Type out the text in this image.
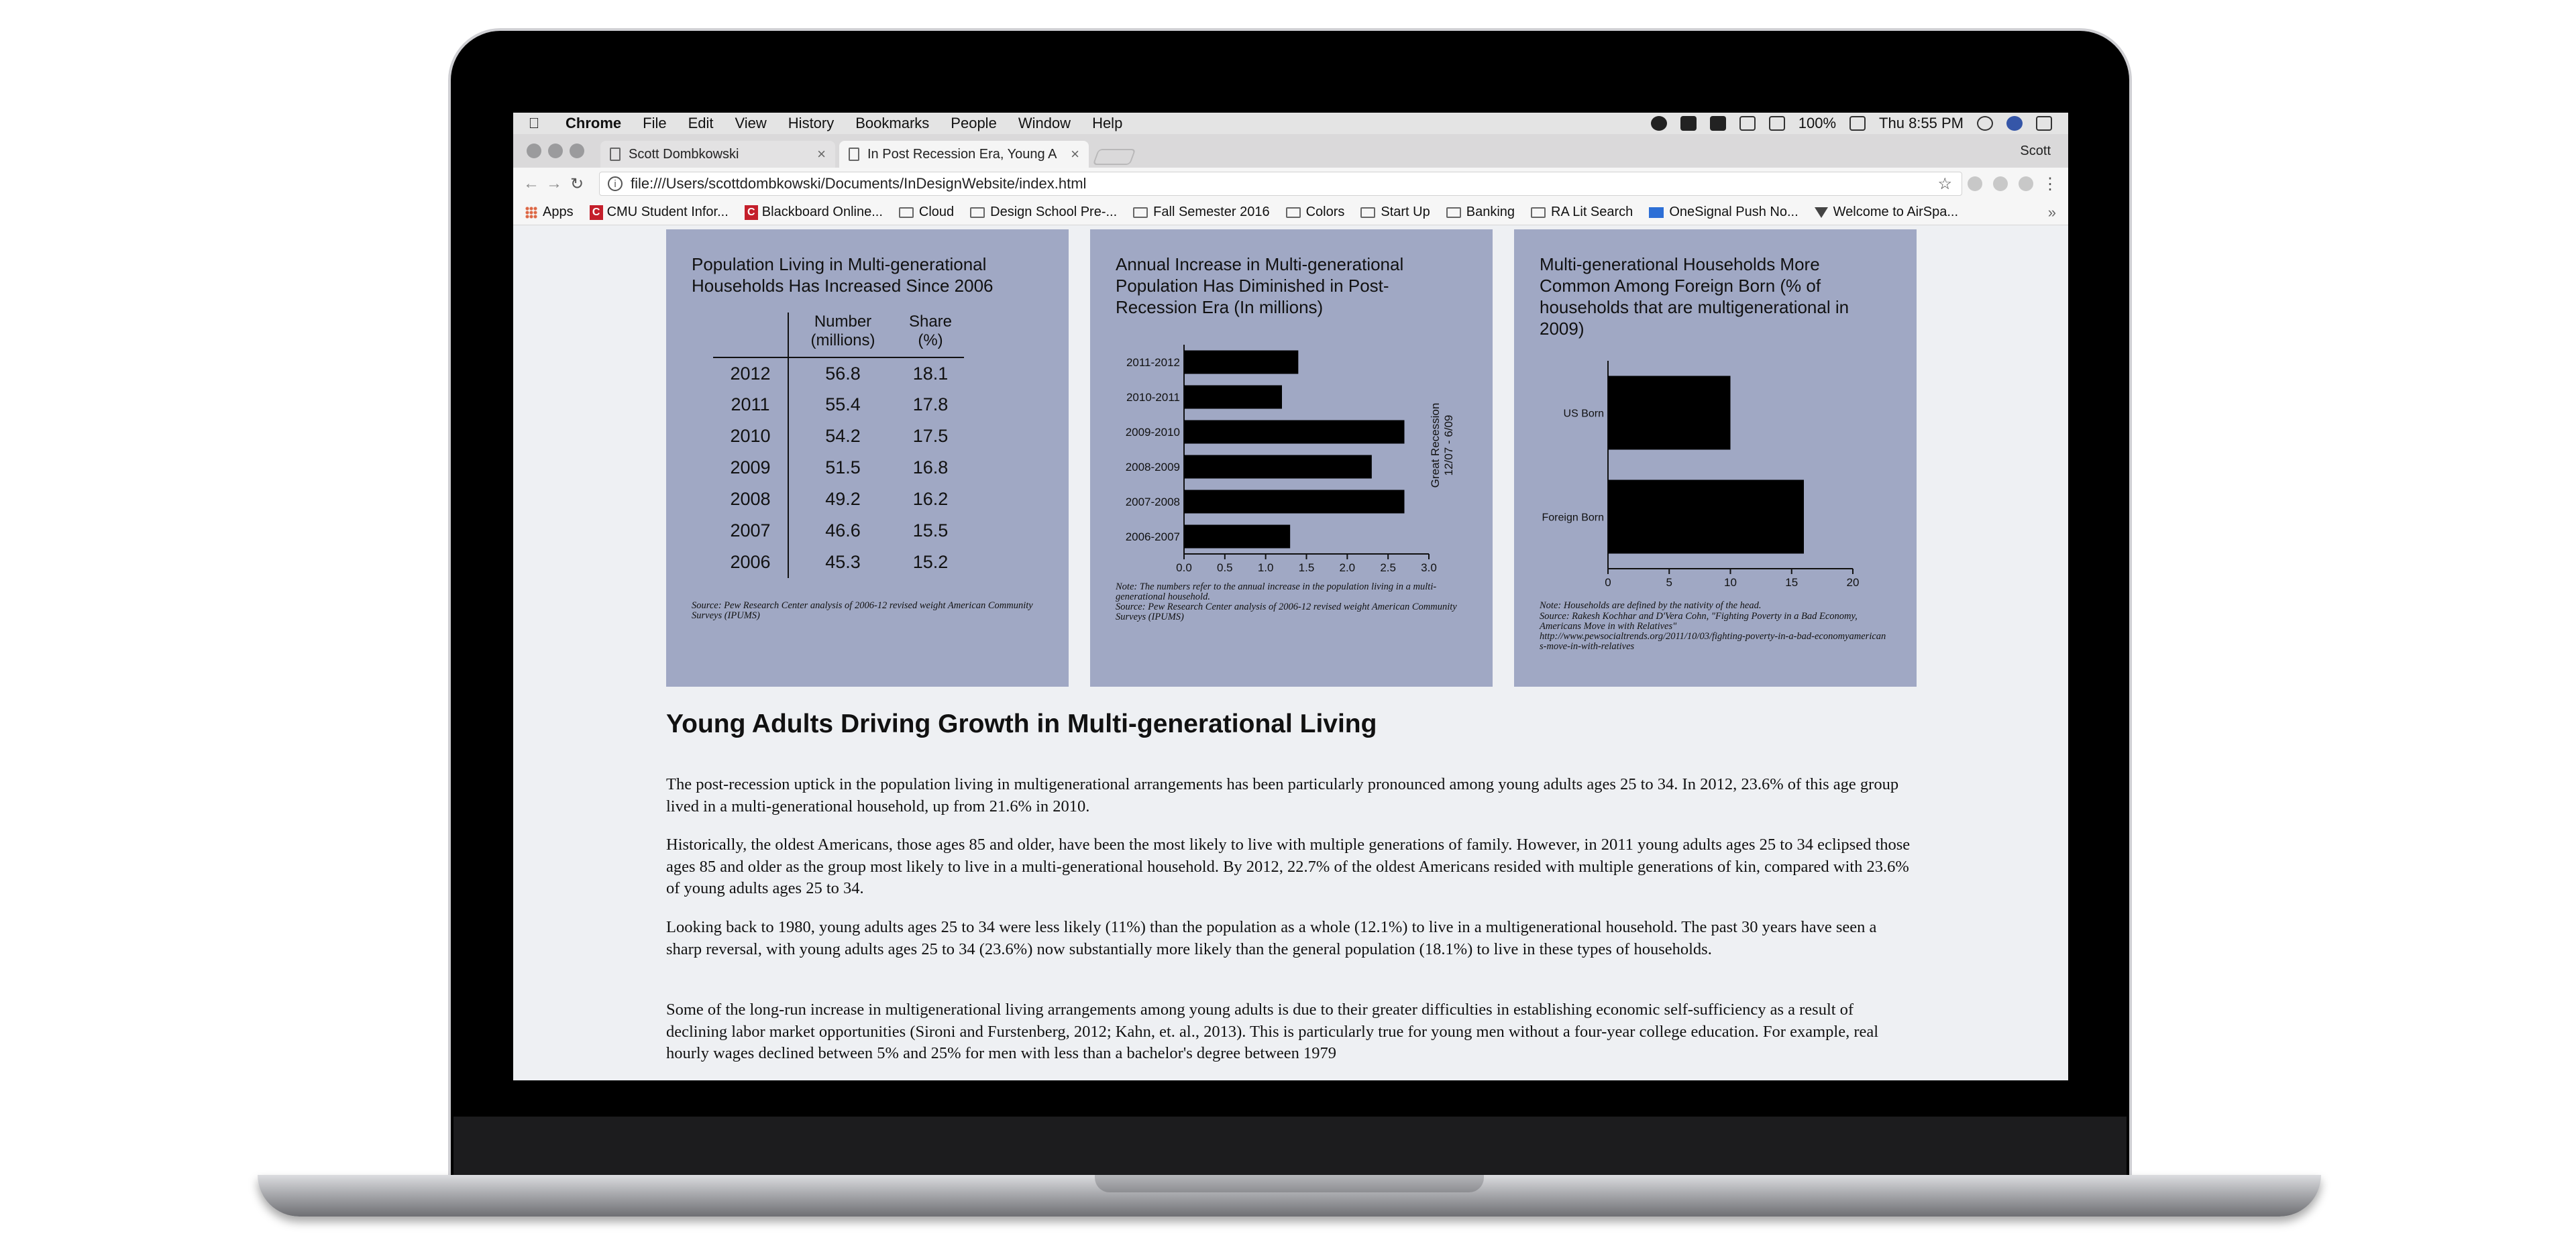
Chrome	File	Edit	View	History	Bookmarks	People	Window	Help	100%	Thu 8:55 PM
Scott Dombkowski	×	In Post Recession Era, Young A ×	Scott
← → ↻	i file:///Users/scottdombkowski/Documents/InDesignWebsite/index.html	☆	⋮
Apps C CMU Student Infor... C Blackboard Online...	Cloud	Design School Pre-...	Fall Semester 2016	Colors	Start Up	Banking	RA Lit Search	OneSignal Push No...	Welcome to AirSpa...	»
Population Living in Multi-generational Households Has Increased Since 2006
	Number (millions)	Share (%)
2012	56.8	18.1
2011	55.4	17.8
2010	54.2	17.5
2009	51.5	16.8
2008	49.2	16.2
2007	46.6	15.5
2006	45.3	15.2
Source: Pew Research Center analysis of 2006-12 revised weight American Community Surveys (IPUMS)
Annual Increase in Multi-generational Population Has Diminished in Post-Recession Era (In millions)
2011-2012
2010-2011
2009-2010
2008-2009
2007-2008
2006-2007
0.0 0.5 1.0 1.5 2.0 2.5 3.0
Great Recession 12/07 - 6/09
Note: The numbers refer to the annual increase in the population living in a multi-generational household.
Source: Pew Research Center analysis of 2006-12 revised weight American Community Surveys (IPUMS)
Multi-generational Households More Common Among Foreign Born (% of households that are multigenerational in 2009)
US Born
Foreign Born
0	5	10	15	20
Note: Households are defined by the nativity of the head.
Source: Rakesh Kochhar and D'Vera Cohn, "Fighting Poverty in a Bad Economy, Americans Move in with Relatives"
http://www.pewsocialtrends.org/2011/10/03/fighting-poverty-in-a-bad-economyamericans-move-in-with-relatives
Young Adults Driving Growth in Multi-generational Living

The post-recession uptick in the population living in multigenerational arrangements has been particularly pronounced among young adults ages 25 to 34. In 2012, 23.6% of this age group lived in a multi-generational household, up from 21.6% in 2010.

Historically, the oldest Americans, those ages 85 and older, have been the most likely to live with multiple generations of family. However, in 2011 young adults ages 25 to 34 eclipsed those ages 85 and older as the group most likely to live in a multi-generational household. By 2012, 22.7% of the oldest Americans resided with multiple generations of kin, compared with 23.6% of young adults ages 25 to 34.

Looking back to 1980, young adults ages 25 to 34 were less likely (11%) than the population as a whole (12.1%) to live in a multigenerational household. The past 30 years have seen a sharp reversal, with young adults ages 25 to 34 (23.6%) now substantially more likely than the general population (18.1%) to live in these types of households.

Some of the long-run increase in multigenerational living arrangements among young adults is due to their greater difficulties in establishing economic self-sufficiency as a result of declining labor market opportunities (Sironi and Furstenberg, 2012; Kahn, et. al., 2013). This is particularly true for young men without a four-year college education. For example, real hourly wages declined between 5% and 25% for men with less than a bachelor's degree between 1979
